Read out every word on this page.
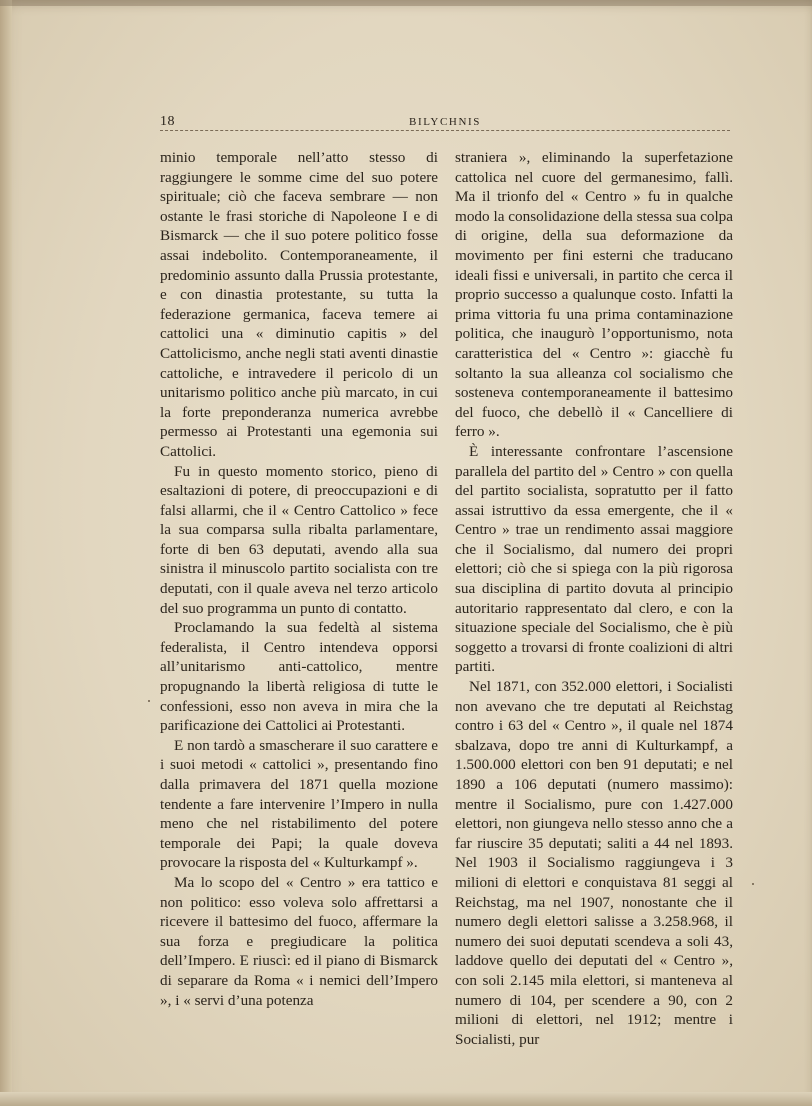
18	BILYCHNIS

minio temporale nell’atto stesso di raggiungere le somme cime del suo potere spirituale; ciò che faceva sembrare — non ostante le frasi storiche di Napoleone I e di Bismarck — che il suo potere politico fosse assai indebolito. Contemporaneamente, il predominio assunto dalla Prussia protestante, e con dinastia protestante, su tutta la federazione germanica, faceva temere ai cattolici una « diminutio capitis » del Cattolicismo, anche negli stati aventi dinastie cattoliche, e intravedere il pericolo di un unitarismo politico anche più marcato, in cui la forte preponderanza numerica avrebbe permesso ai Protestanti una egemonia sui Cattolici.

Fu in questo momento storico, pieno di esaltazioni di potere, di preoccupazioni e di falsi allarmi, che il « Centro Cattolico » fece la sua comparsa sulla ribalta parlamentare, forte di ben 63 deputati, avendo alla sua sinistra il minuscolo partito socialista con tre deputati, con il quale aveva nel terzo articolo del suo programma un punto di contatto.

Proclamando la sua fedeltà al sistema federalista, il Centro intendeva opporsi all’unitarismo anti-cattolico, mentre propugnando la libertà religiosa di tutte le confessioni, esso non aveva in mira che la parificazione dei Cattolici ai Protestanti.

E non tardò a smascherare il suo carattere e i suoi metodi « cattolici », presentando fino dalla primavera del 1871 quella mozione tendente a fare intervenire l’Impero in nulla meno che nel ristabilimento del potere temporale dei Papi; la quale doveva provocare la risposta del « Kulturkampf ».

Ma lo scopo del « Centro » era tattico e non politico: esso voleva solo affrettarsi a ricevere il battesimo del fuoco, affermare la sua forza e pregiudicare la politica dell’Impero. E riuscì: ed il piano di Bismarck di separare da Roma « i nemici dell’Impero », i « servi d’una potenza

straniera », eliminando la superfetazione cattolica nel cuore del germanesimo, fallì. Ma il trionfo del « Centro » fu in qualche modo la consolidazione della stessa sua colpa di origine, della sua deformazione da movimento per fini esterni che traducano ideali fissi e universali, in partito che cerca il proprio successo a qualunque costo. Infatti la prima vittoria fu una prima contaminazione politica, che inaugurò l’opportunismo, nota caratteristica del « Centro »: giacchè fu soltanto la sua alleanza col socialismo che sosteneva contemporaneamente il battesimo del fuoco, che debellò il « Cancelliere di ferro ».

È interessante confrontare l’ascensione parallela del partito del » Centro » con quella del partito socialista, sopratutto per il fatto assai istruttivo da essa emergente, che il « Centro » trae un rendimento assai maggiore che il Socialismo, dal numero dei propri elettori; ciò che si spiega con la più rigorosa sua disciplina di partito dovuta al principio autoritario rappresentato dal clero, e con la situazione speciale del Socialismo, che è più soggetto a trovarsi di fronte coalizioni di altri partiti.

Nel 1871, con 352.000 elettori, i Socialisti non avevano che tre deputati al Reichstag contro i 63 del « Centro », il quale nel 1874 sbalzava, dopo tre anni di Kulturkampf, a 1.500.000 elettori con ben 91 deputati; e nel 1890 a 106 deputati (numero massimo): mentre il Socialismo, pure con 1.427.000 elettori, non giungeva nello stesso anno che a far riuscire 35 deputati; saliti a 44 nel 1893. Nel 1903 il Socialismo raggiungeva i 3 milioni di elettori e conquistava 81 seggi al Reichstag, ma nel 1907, nonostante che il numero degli elettori salisse a 3.258.968, il numero dei suoi deputati scendeva a soli 43, laddove quello dei deputati del « Centro », con soli 2.145 mila elettori, si manteneva al numero di 104, per scendere a 90, con 2 milioni di elettori, nel 1912; mentre i Socialisti, pur
